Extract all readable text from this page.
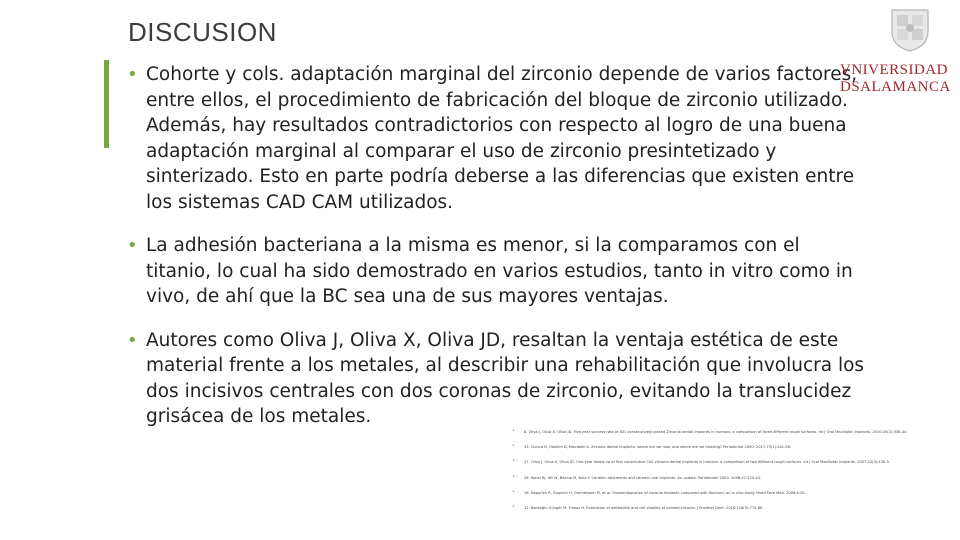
DISCUSION
• Cohorte y cols. adaptación marginal del zirconio depende de varios factores, entre ellos, el procedimiento de fabricación del bloque de zirconio utilizado. Además, hay resultados contradictorios con respecto al logro de una buena adaptación marginal al comparar el uso de zirconio presintetizado y sinterizado. Esto en parte podría deberse a las diferencias que existen entre los sistemas CAD CAM utilizados.
• La adhesión bacteriana a la misma es menor, si la comparamos con el titanio, lo cual ha sido demostrado en varios estudios, tanto in vitro como in vivo, de ahí que la BC sea una de sus mayores ventajas.
• Autores como Oliva J, Oliva X, Oliva JD, resaltan la ventaja estética de este material frente a los metales, al describir una rehabilitación que involucra los dos incisivos centrales con dos coronas de zirconio, evitando la translucidez grisácea de los metales.
VNIVERSIDAD
DSALAMANCA
•	8. Oliva J, Oliva X, Oliva JD. Five-year success rate of 831 consecutively placed Zirconia dental implants in humans: a comparison of three different rough surfaces. Int J Oral Maxillofac Implants. 2010;25(2):336-44.
•	33. Cionca N, Hashim D, Mombelli A. Zirconia dental implants: where are we now, and where are we heading? Periodontol 2000. 2017;73(1):241-58.
•	17. Oliva J, Oliva X, Oliva JD. One-year follow-up of first consecutive 100 zirconia dental implants in humans: a comparison of two different rough surfaces. Int J Oral Maxillofac Implants. 2007;22(3):430-5.
•	26. Kohal RJ, Att W, Bächle M, Butz F. Ceramic abutments and ceramic oral implants. An update. Periodontol 2000. 2008;47:224-43.
•	18. Depprich R, Zipprich H, Ommerborn M, et al. Osseointegration of zirconia implants compared with titanium: an in vivo study. Head Face Med. 2008;4:30.
•	12. Bankoğlu Güngör M, Yılmaz H. Evaluation of wettability and cell viability of colored zirconia. J Prosthet Dent. 2016;116(5):774-80.
